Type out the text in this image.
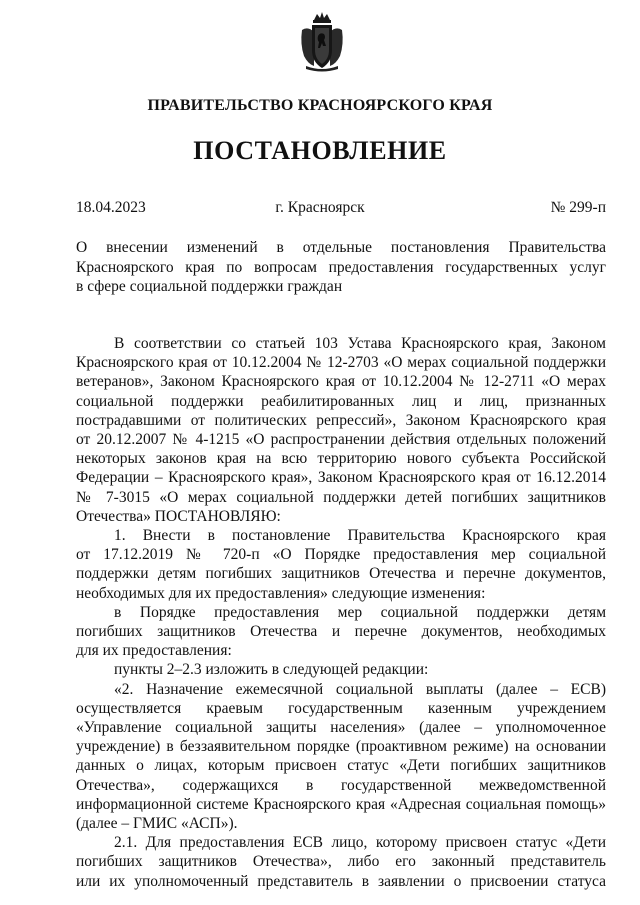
ПРАВИТЕЛЬСТВО КРАСНОЯРСКОГО КРАЯ
ПОСТАНОВЛЕНИЕ
18.04.2023	г. Красноярск	№ 299-п
О внесении изменений в отдельные постановления Правительства
Красноярского края по вопросам предоставления государственных услуг
в сфере социальной поддержки граждан
В соответствии со статьей 103 Устава Красноярского края, Законом
Красноярского края от 10.12.2004 № 12-2703 «О мерах социальной поддержки
ветеранов», Законом Красноярского края от 10.12.2004 № 12-2711 «О мерах
социальной поддержки реабилитированных лиц и лиц, признанных
пострадавшими от политических репрессий», Законом Красноярского края
от 20.12.2007 № 4-1215 «О распространении действия отдельных положений
некоторых законов края на всю территорию нового субъекта Российской
Федерации – Красноярского края», Законом Красноярского края от 16.12.2014
№ 7-3015 «О мерах социальной поддержки детей погибших защитников
Отечества» ПОСТАНОВЛЯЮ:
1. Внести в постановление Правительства Красноярского края
от 17.12.2019 № 720-п «О Порядке предоставления мер социальной
поддержки детям погибших защитников Отечества и перечне документов,
необходимых для их предоставления» следующие изменения:
в Порядке предоставления мер социальной поддержки детям
погибших защитников Отечества и перечне документов, необходимых
для их предоставления:
пункты 2–2.3 изложить в следующей редакции:
«2. Назначение ежемесячной социальной выплаты (далее – ЕСВ)
осуществляется краевым государственным казенным учреждением
«Управление социальной защиты населения» (далее – уполномоченное
учреждение) в беззаявительном порядке (проактивном режиме) на основании
данных о лицах, которым присвоен статус «Дети погибших защитников
Отечества», содержащихся в государственной межведомственной
информационной системе Красноярского края «Адресная социальная помощь»
(далее – ГМИС «АСП»).
2.1. Для предоставления ЕСВ лицо, которому присвоен статус «Дети
погибших защитников Отечества», либо его законный представитель
или их уполномоченный представитель в заявлении о присвоении статуса
